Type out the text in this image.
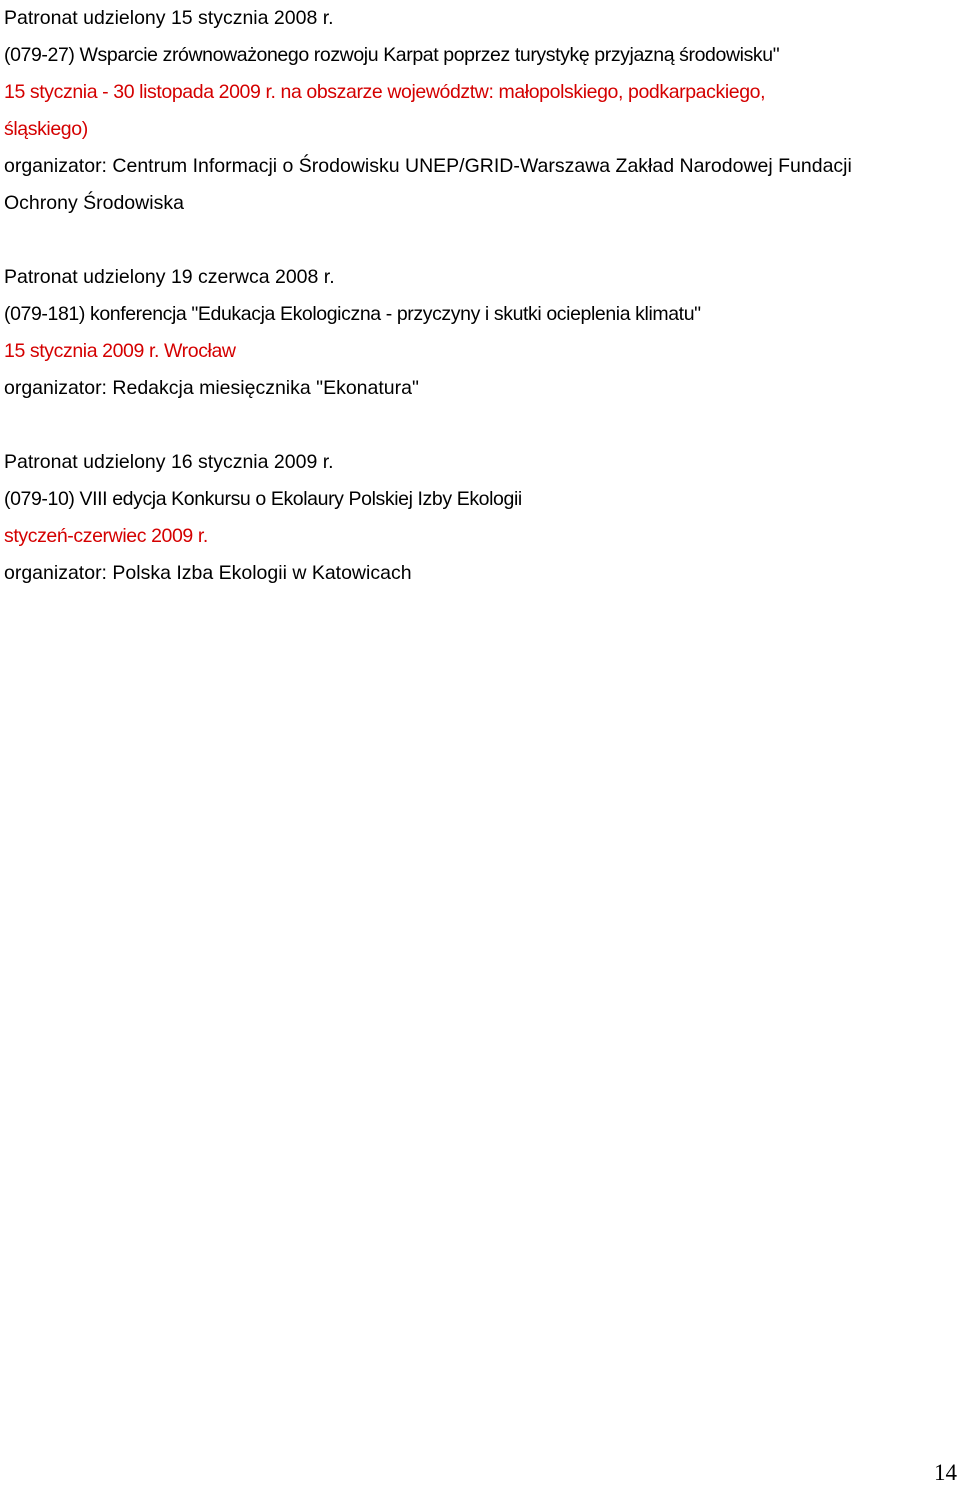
Patronat udzielony 15 stycznia 2008 r.
(079-27) Wsparcie zrównoważonego rozwoju Karpat poprzez turystykę przyjazną środowisku"
15 stycznia - 30 listopada 2009 r. na obszarze województw: małopolskiego, podkarpackiego,
śląskiego)
organizator: Centrum Informacji o Środowisku UNEP/GRID-Warszawa Zakład Narodowej Fundacji
Ochrony Środowiska
Patronat udzielony 19 czerwca 2008 r.
(079-181) konferencja "Edukacja Ekologiczna - przyczyny i skutki ocieplenia klimatu"
15 stycznia 2009 r. Wrocław
organizator: Redakcja miesięcznika "Ekonatura"
Patronat udzielony 16 stycznia 2009 r.
(079-10) VIII edycja Konkursu o Ekolaury Polskiej Izby Ekologii
styczeń-czerwiec 2009 r.
organizator: Polska Izba Ekologii w Katowicach
14
